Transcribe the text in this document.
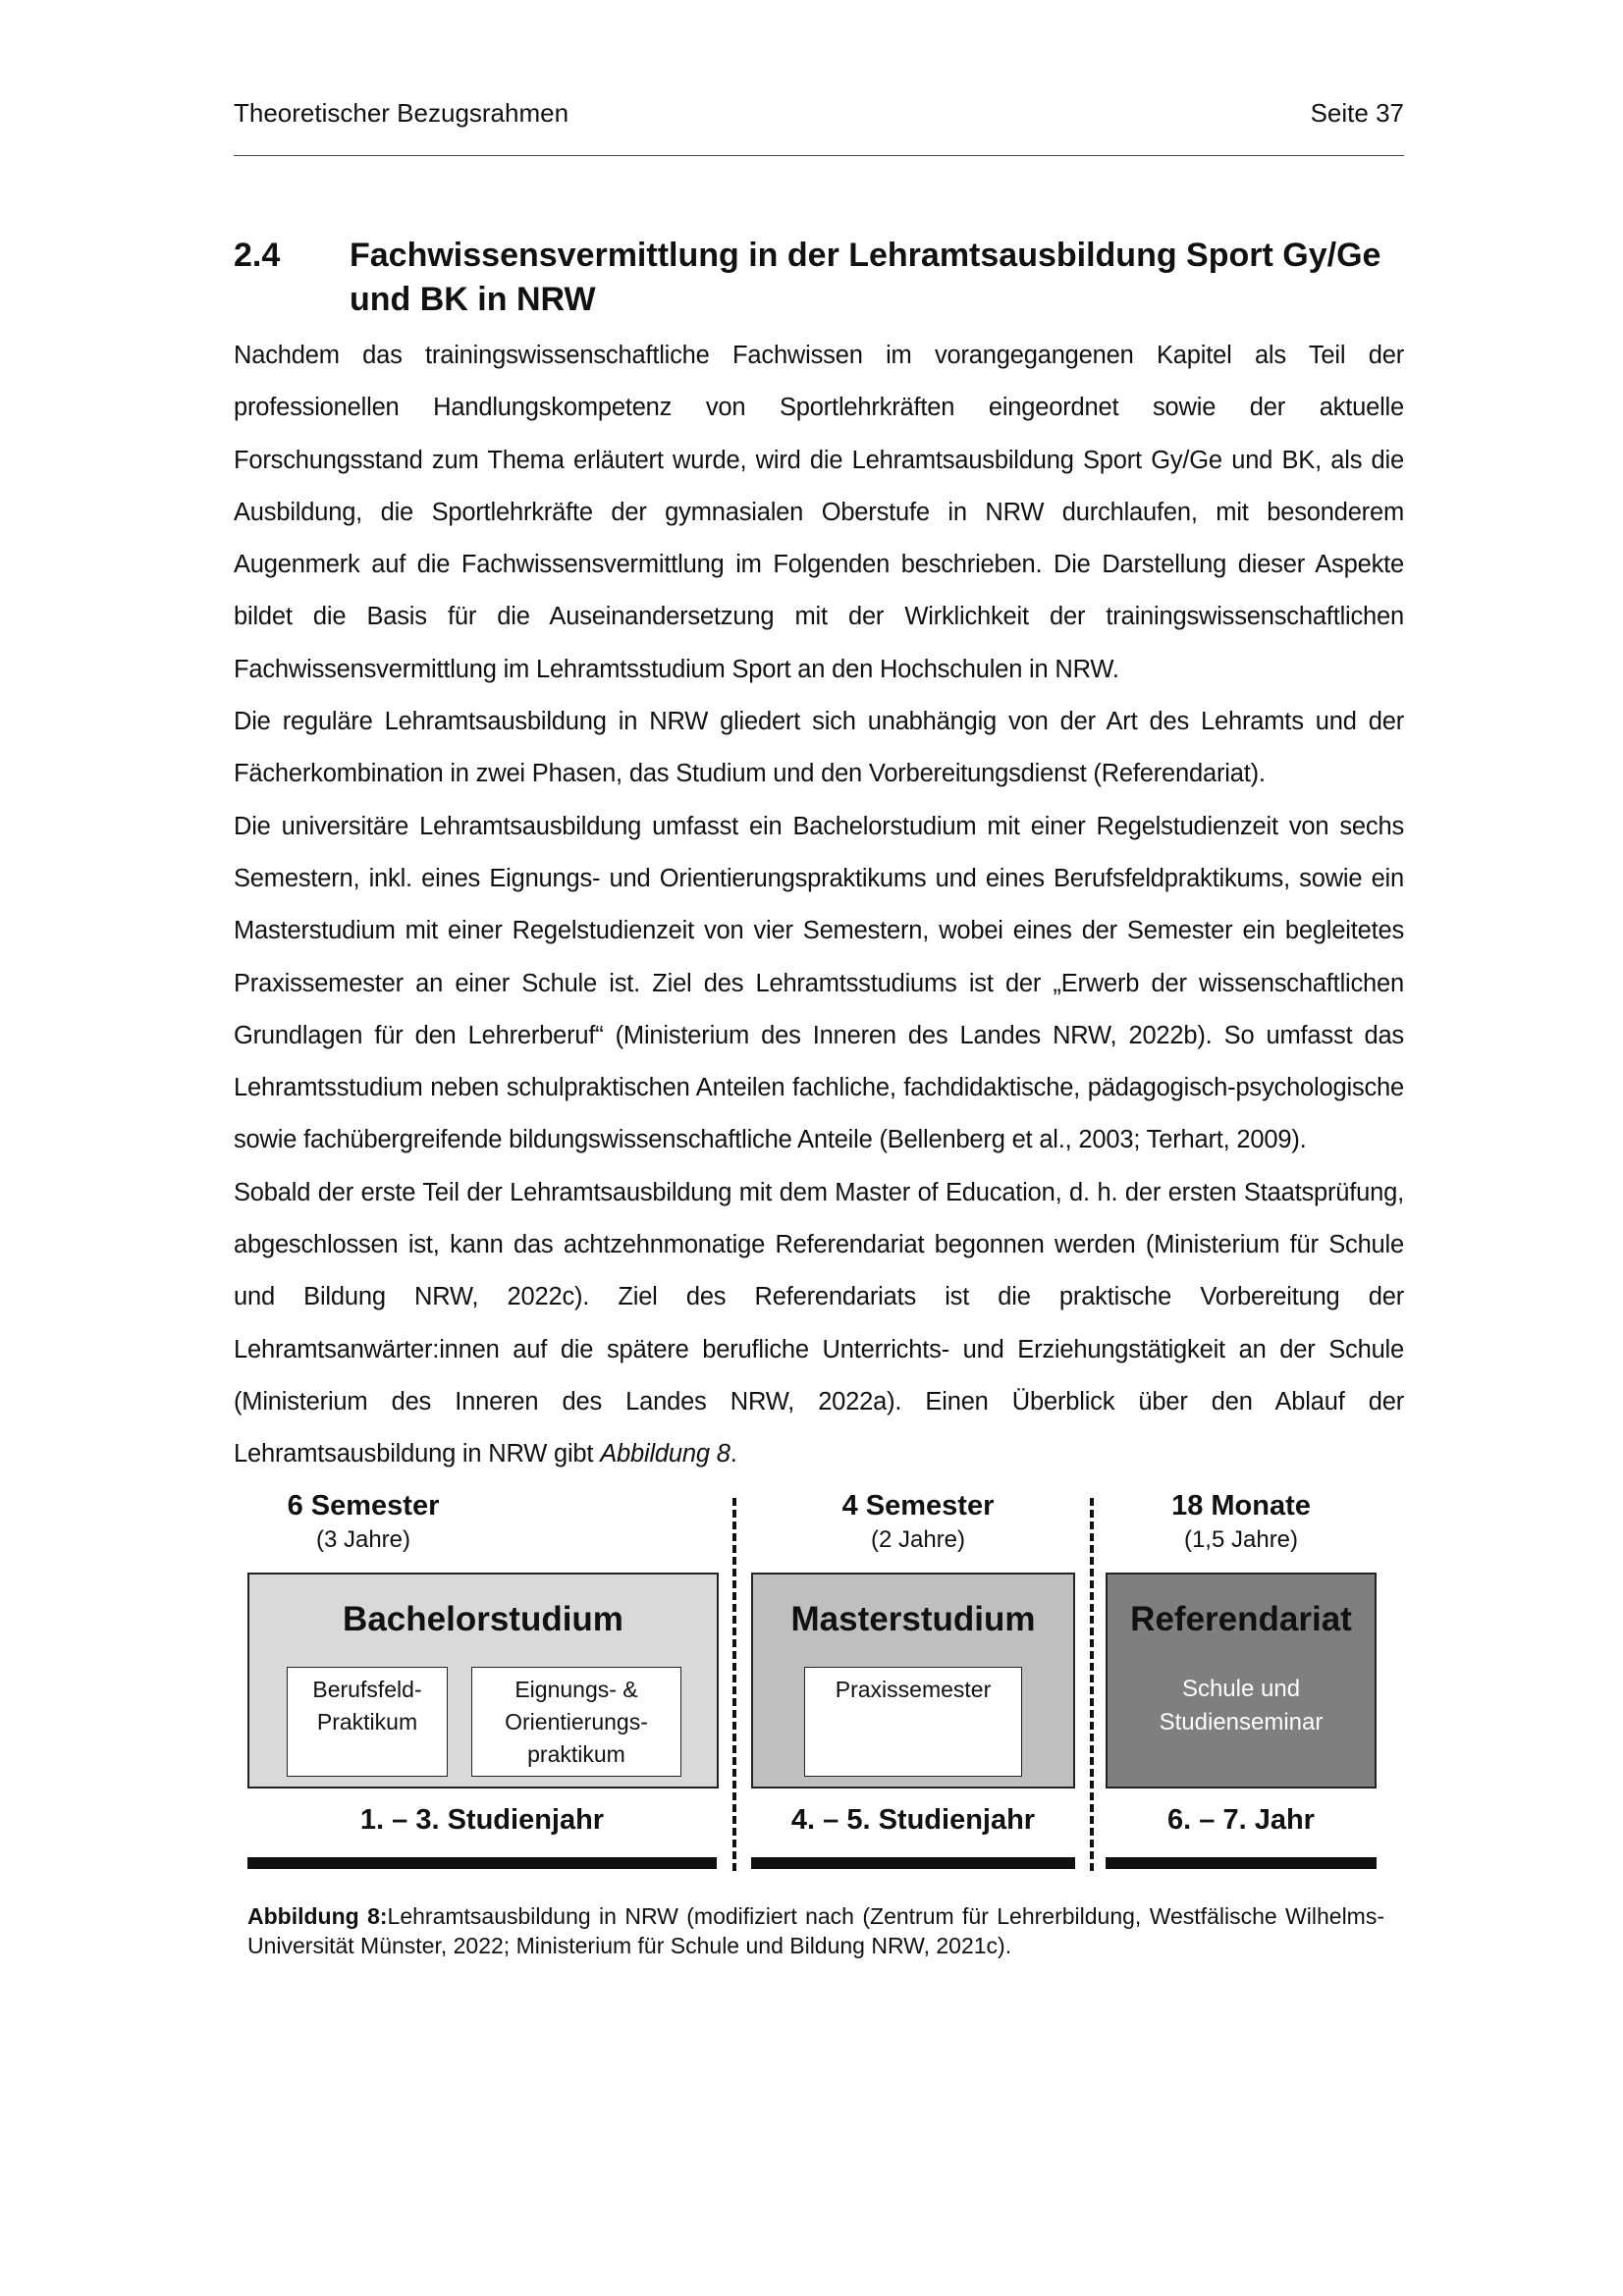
Theoretischer Bezugsrahmen	Seite 37
2.4 Fachwissensvermittlung in der Lehramtsausbildung Sport Gy/Ge und BK in NRW

Nachdem das trainingswissenschaftliche Fachwissen im vorangegangenen Kapitel als Teil der professionellen Handlungskompetenz von Sportlehrkräften eingeordnet sowie der aktuelle Forschungsstand zum Thema erläutert wurde, wird die Lehramtsausbildung Sport Gy/Ge und BK, als die Ausbildung, die Sportlehrkräfte der gymnasialen Oberstufe in NRW durchlaufen, mit besonderem Augenmerk auf die Fachwissensvermittlung im Folgenden beschrieben. Die Darstellung dieser Aspekte bildet die Basis für die Auseinandersetzung mit der Wirklichkeit der trainingswissenschaftlichen Fachwissensvermittlung im Lehramtsstudium Sport an den Hochschulen in NRW.

Die reguläre Lehramtsausbildung in NRW gliedert sich unabhängig von der Art des Lehramts und der Fächerkombination in zwei Phasen, das Studium und den Vorbereitungsdienst (Referendariat).

Die universitäre Lehramtsausbildung umfasst ein Bachelorstudium mit einer Regelstudienzeit von sechs Semestern, inkl. eines Eignungs- und Orientierungspraktikums und eines Berufsfeldpraktikums, sowie ein Masterstudium mit einer Regelstudienzeit von vier Semestern, wobei eines der Semester ein begleitetes Praxissemester an einer Schule ist. Ziel des Lehramtsstudiums ist der „Erwerb der wissenschaftlichen Grundlagen für den Lehrerberuf“ (Ministerium des Inneren des Landes NRW, 2022b). So umfasst das Lehramtsstudium neben schulpraktischen Anteilen fachliche, fachdidaktische, pädagogisch-psychologische sowie fachübergreifende bildungswissenschaftliche Anteile (Bellenberg et al., 2003; Terhart, 2009).

Sobald der erste Teil der Lehramtsausbildung mit dem Master of Education, d. h. der ersten Staatsprüfung, abgeschlossen ist, kann das achtzehnmonatige Referendariat begonnen werden (Ministerium für Schule und Bildung NRW, 2022c). Ziel des Referendariats ist die praktische Vorbereitung der Lehramtsanwärter:innen auf die spätere berufliche Unterrichts- und Erziehungstätigkeit an der Schule (Ministerium des Inneren des Landes NRW, 2022a). Einen Überblick über den Ablauf der Lehramtsausbildung in NRW gibt Abbildung 8.

6 Semester
(3 Jahre)
Bachelorstudium
Berufsfeld-
Praktikum
Eignungs- &
Orientierungs-
praktikum
1. – 3. Studienjahr
4 Semester
(2 Jahre)
Masterstudium
Praxissemester
4. – 5. Studienjahr
18 Monate
(1,5 Jahre)
Referendariat
Schule und
Studienseminar
6. – 7. Jahr
Abbildung 8:Lehramtsausbildung in NRW (modifiziert nach (Zentrum für Lehrerbildung, Westfälische Wilhelms-Universität Münster, 2022; Ministerium für Schule und Bildung NRW, 2021c).
